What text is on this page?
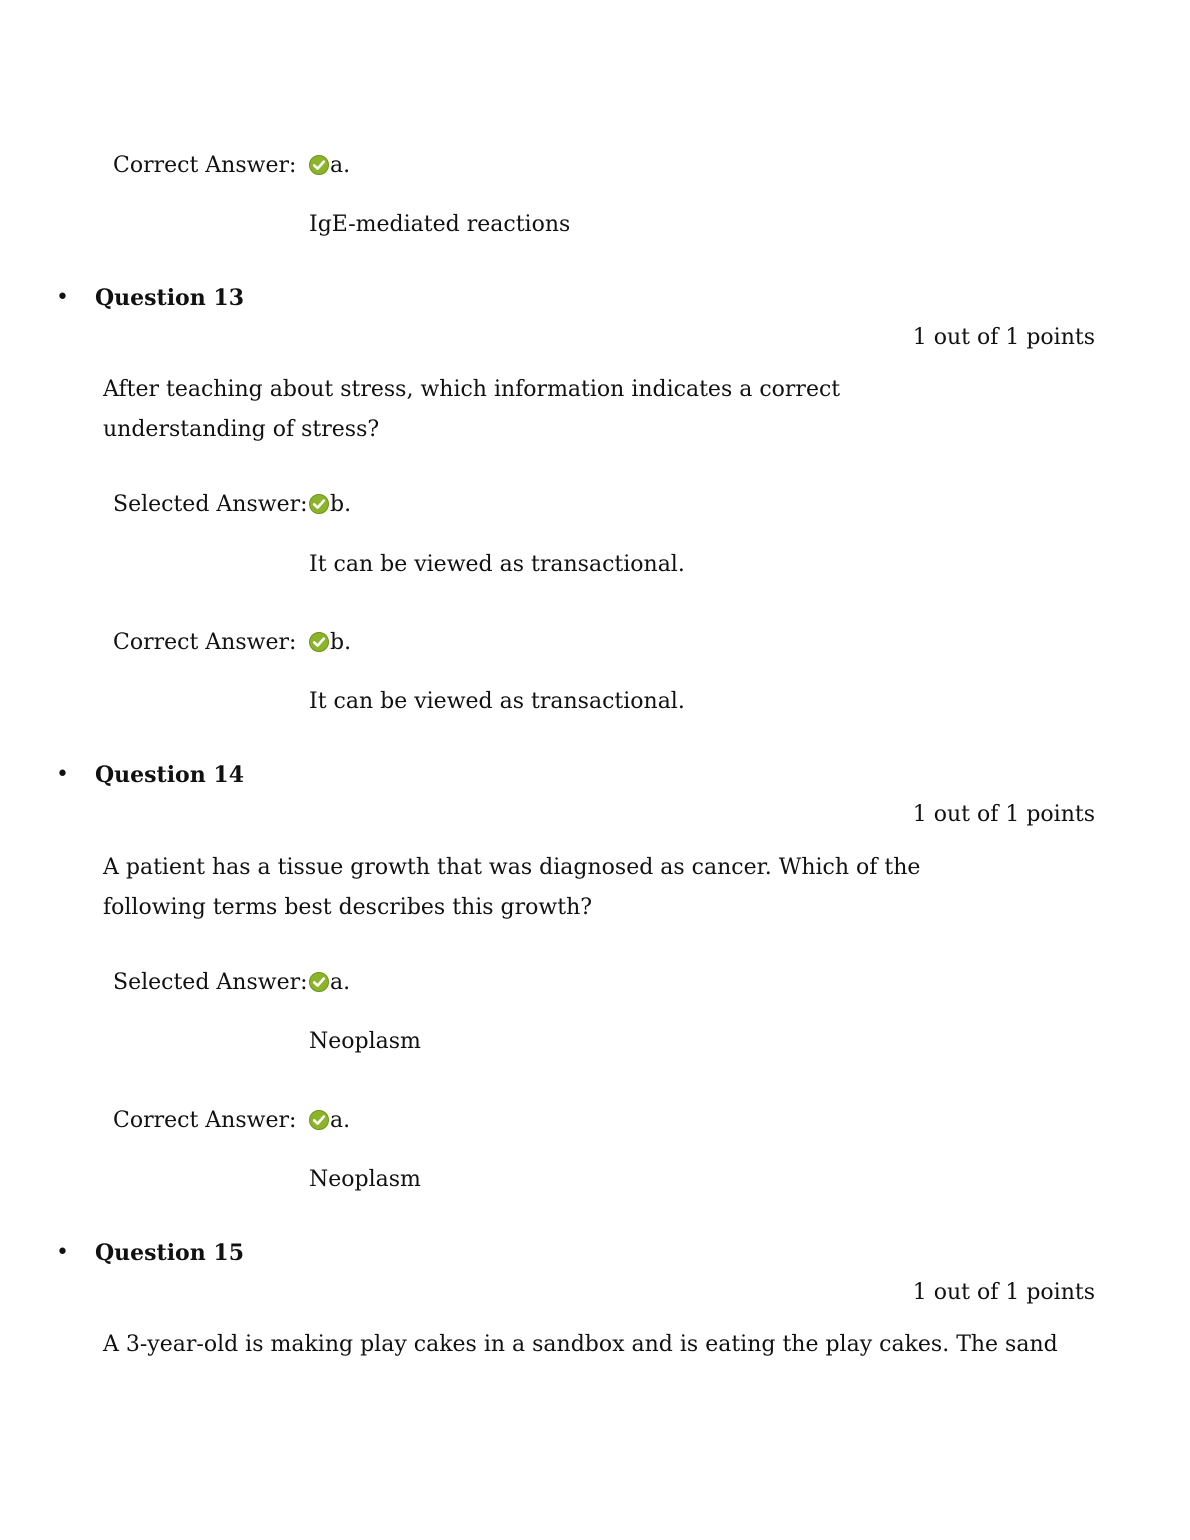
Correct Answer: a.
IgE-mediated reactions
• Question 13
1 out of 1 points
After teaching about stress, which information indicates a correct understanding of stress?
Selected Answer: b.
It can be viewed as transactional.
Correct Answer: b.
It can be viewed as transactional.
• Question 14
1 out of 1 points
A patient has a tissue growth that was diagnosed as cancer. Which of the following terms best describes this growth?
Selected Answer: a.
Neoplasm
Correct Answer: a.
Neoplasm
• Question 15
1 out of 1 points
A 3-year-old is making play cakes in a sandbox and is eating the play cakes. The sand
